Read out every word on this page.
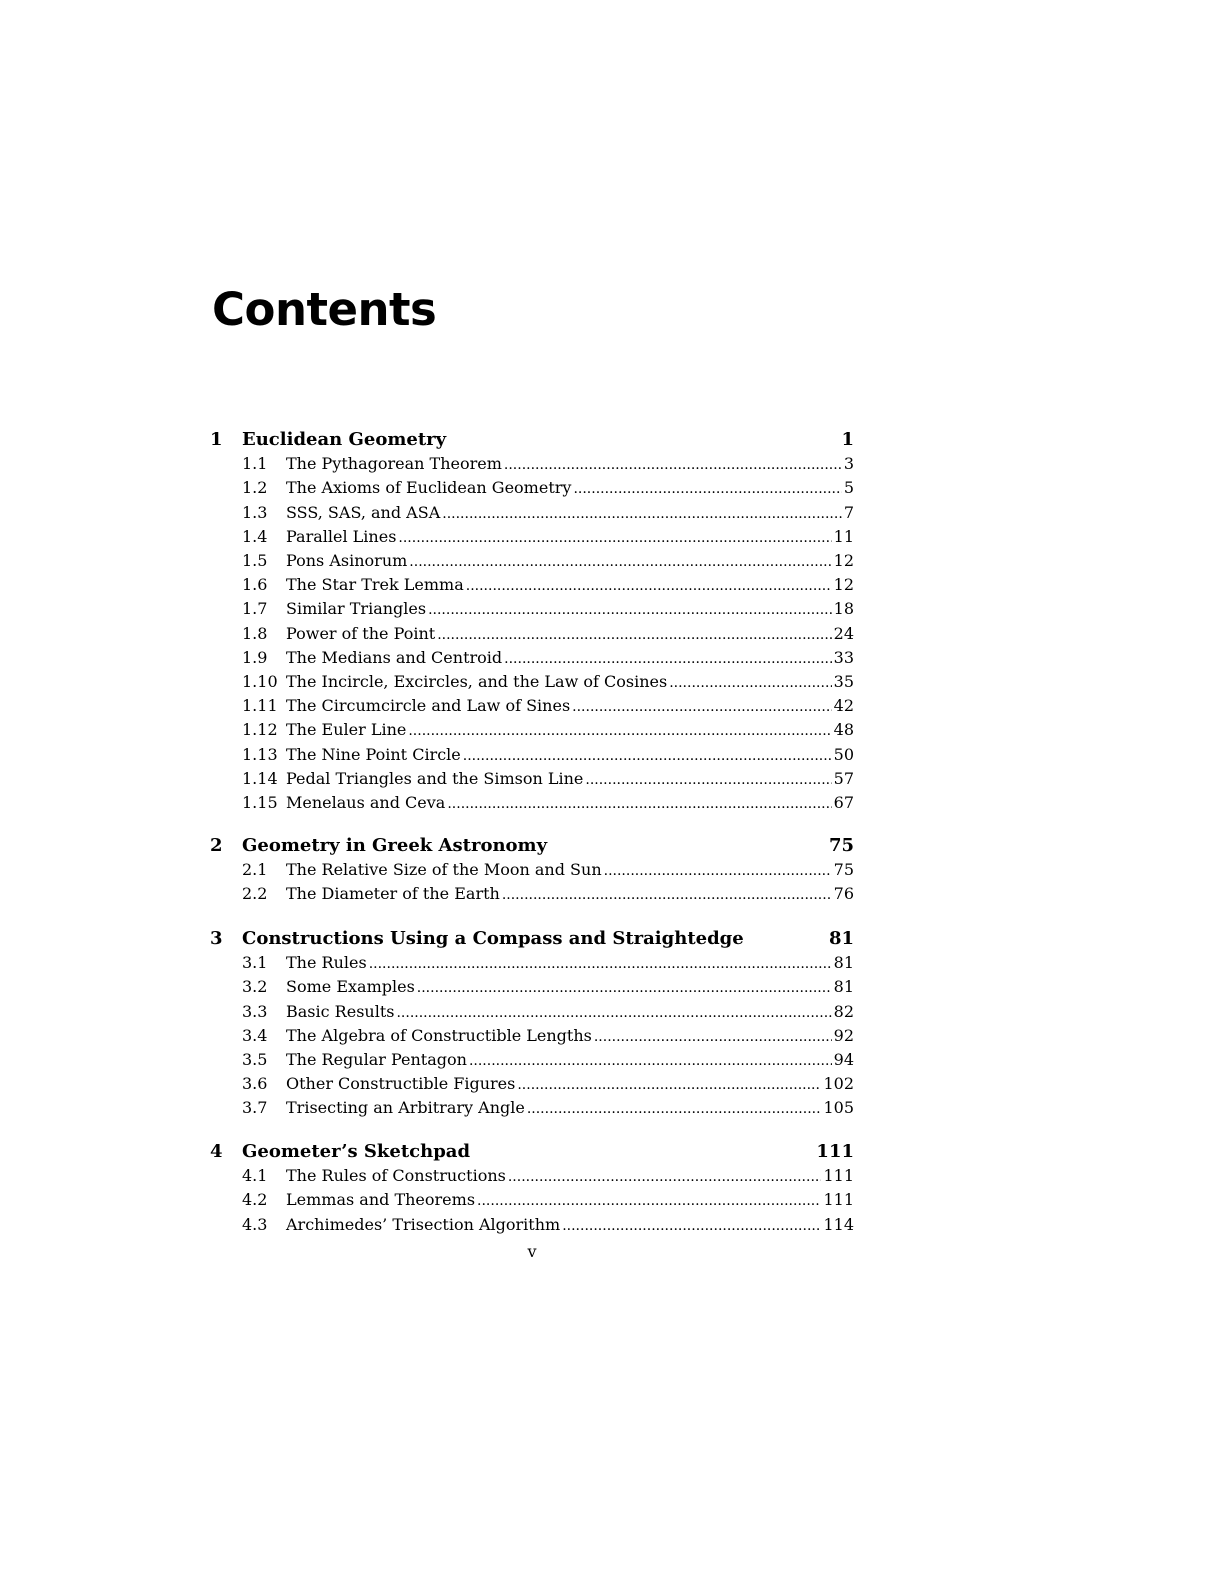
Contents
1	Euclidean Geometry	1
1.1	The Pythagorean Theorem .....	3
1.2	The Axioms of Euclidean Geometry .....	5
1.3	SSS, SAS, and ASA .....	7
1.4	Parallel Lines .....	11
1.5	Pons Asinorum .....	12
1.6	The Star Trek Lemma .....	12
1.7	Similar Triangles .....	18
1.8	Power of the Point .....	24
1.9	The Medians and Centroid .....	33
1.10 The Incircle, Excircles, and the Law of Cosines .....	35
1.11 The Circumcircle and Law of Sines .....	42
1.12 The Euler Line .....	48
1.13 The Nine Point Circle .....	50
1.14 Pedal Triangles and the Simson Line .....	57
1.15 Menelaus and Ceva .....	67
2	Geometry in Greek Astronomy	75
2.1	The Relative Size of the Moon and Sun .....	75
2.2	The Diameter of the Earth .....	76
3	Constructions Using a Compass and Straightedge	81
3.1	The Rules .....	81
3.2	Some Examples .....	81
3.3	Basic Results .....	82
3.4	The Algebra of Constructible Lengths .....	92
3.5	The Regular Pentagon .....	94
3.6	Other Constructible Figures .....	102
3.7	Trisecting an Arbitrary Angle .....	105
4	Geometer’s Sketchpad	111
4.1	The Rules of Constructions .....	111
4.2	Lemmas and Theorems .....	111
4.3	Archimedes’ Trisection Algorithm .....	114
v
